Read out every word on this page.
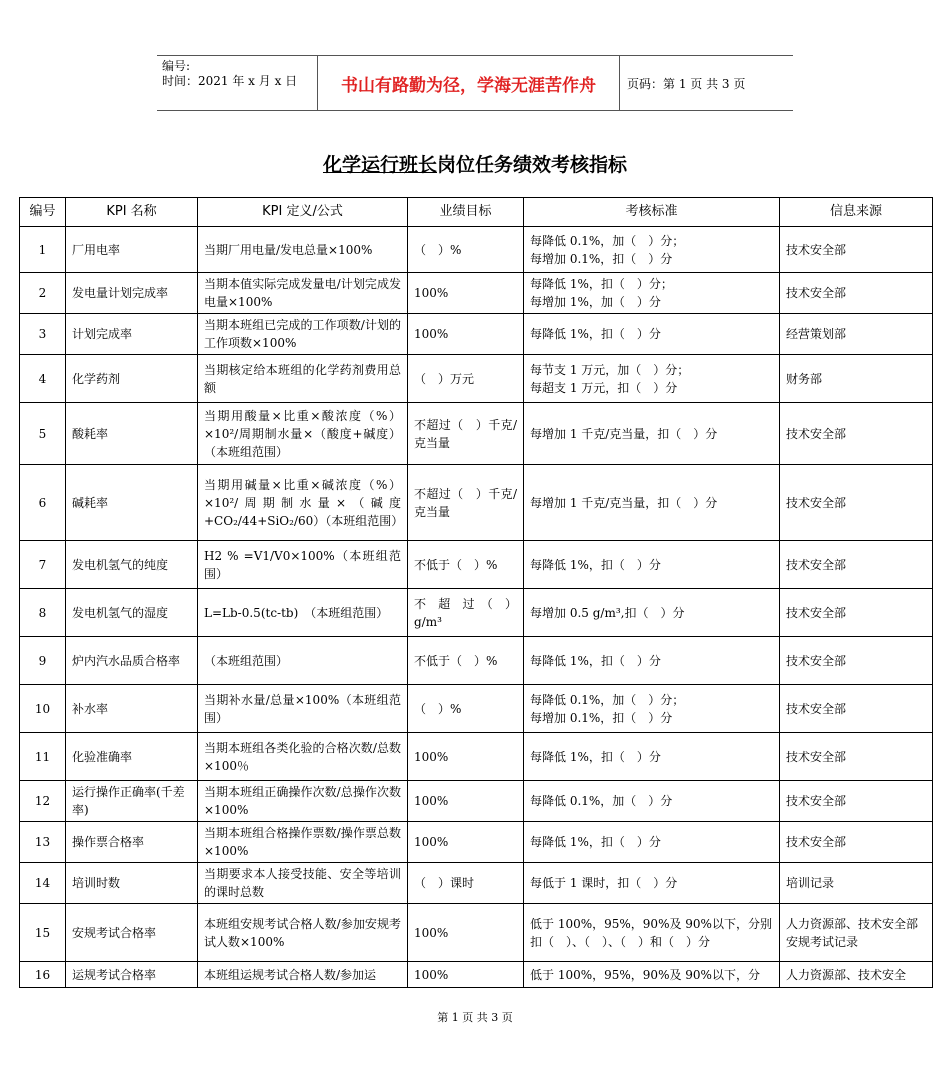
编号:
时间：2021 年 x 月 x 日	书山有路勤为径，学海无涯苦作舟	页码：第 1 页 共 3 页
化学运行班长岗位任务绩效考核指标
编号	KPI 名称	KPI 定义/公式	业绩目标	考核标准	信息来源
1	厂用电率	当期厂用电量/发电总量×100%	（　）%	每降低 0.1%，加（　）分；
每增加 0.1%，扣（　）分	技术安全部
2	发电量计划完成率	当期本值实际完成发量电/计划完成发电量×100%	100%	每降低 1%，扣（　）分；
每增加 1%，加（　）分	技术安全部
3	计划完成率	当期本班组已完成的工作项数/计划的工作项数×100%	100%	每降低 1%，扣（　）分	经营策划部
4	化学药剂	当期核定给本班组的化学药剂费用总额	（　）万元	每节支 1 万元，加（　）分；
每超支 1 万元，扣（　）分	财务部
5	酸耗率	当期用酸量×比重×酸浓度（%）×10²/周期制水量×（酸度+碱度）（本班组范围）	不超过（　）千克/克当量	每增加 1 千克/克当量，扣（　）分	技术安全部
6	碱耗率	当期用碱量×比重×碱浓度（%）×10²/周期制水量×（碱度+CO₂/44+SiO₂/60）（本班组范围）	不超过（　）千克/克当量	每增加 1 千克/克当量，扣（　）分	技术安全部
7	发电机氢气的纯度	H2 % =V1/V0×100%（本班组范围）	不低于（　）%	每降低 1%，扣（　）分	技术安全部
8	发电机氢气的湿度	L=Lb-0.5(tc-tb)　（本班组范围）	不　超　过　（　）g/m³	每增加 0.5 g/m³,扣（　）分	技术安全部
9	炉内汽水品质合格率	（本班组范围）	不低于（　）%	每降低 1%，扣（　）分	技术安全部
10	补水率	当期补水量/总量×100%（本班组范围）	（　）%	每降低 0.1%，加（　）分；
每增加 0.1%，扣（　）分	技术安全部
11	化验准确率	当期本班组各类化验的合格次数/总数×100％	100%	每降低 1%，扣（　）分	技术安全部
12	运行操作正确率(千差率)	当期本班组正确操作次数/总操作次数×100%	100%	每降低 0.1%，加（　）分	技术安全部
13	操作票合格率	当期本班组合格操作票数/操作票总数×100%	100%	每降低 1%，扣（　）分	技术安全部
14	培训时数	当期要求本人接受技能、安全等培训的课时总数	（　）课时	每低于 1 课时，扣（　）分	培训记录
15	安规考试合格率	本班组安规考试合格人数/参加安规考试人数×100%	100%	低于 100%，95%，90%及 90%以下，分别扣（　）、（　）、（　）和（　）分	人力资源部、技术安全部安规考试记录
16	运规考试合格率	本班组运规考试合格人数/参加运	100%	低于 100%，95%，90%及 90%以下，分	人力资源部、技术安全
第 1 页 共 3 页
